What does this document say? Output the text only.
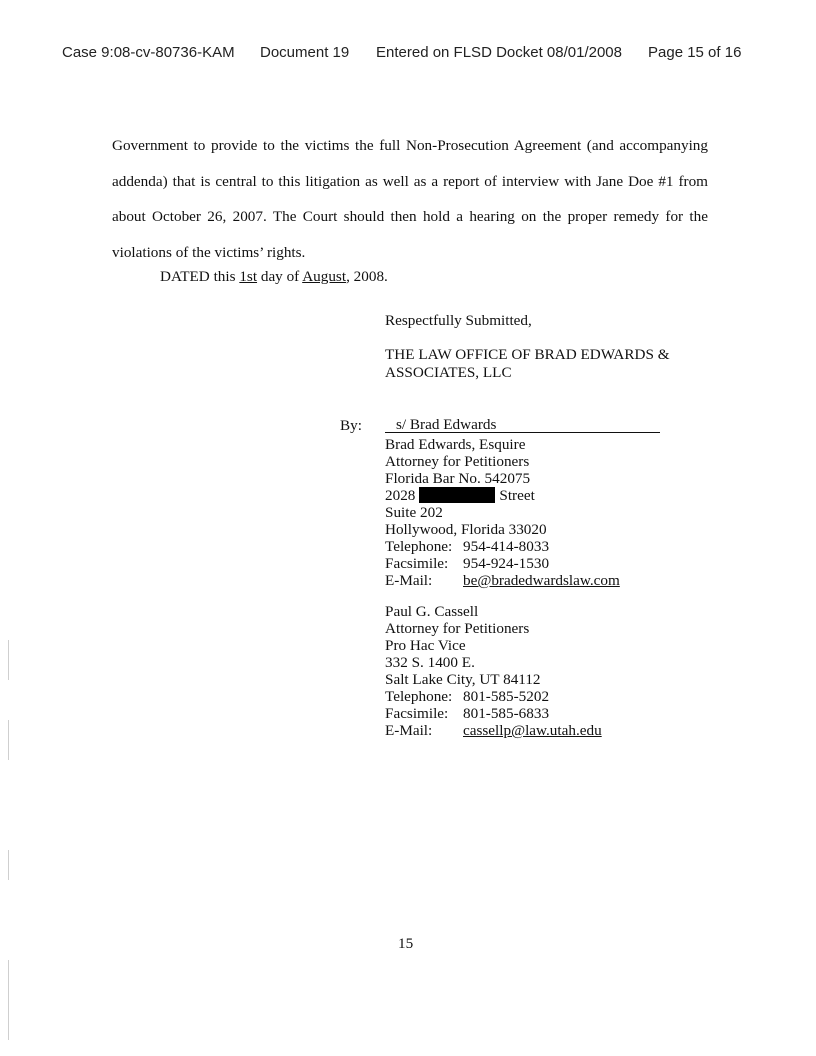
Case 9:08-cv-80736-KAM Document 19 Entered on FLSD Docket 08/01/2008 Page 15 of 16

Government to provide to the victims the full Non-Prosecution Agreement (and accompanying addenda) that is central to this litigation as well as a report of interview with Jane Doe #1 from about October 26, 2007. The Court should then hold a hearing on the proper remedy for the violations of the victims’ rights.

DATED this 1st day of August, 2008.
Respectfully Submitted,
THE LAW OFFICE OF BRAD EDWARDS &
ASSOCIATES, LLC
By: s/ Brad Edwards
Brad Edwards, Esquire
Attorney for Petitioners
Florida Bar No. 542075
2028	Street
Suite 202
Hollywood, Florida 33020
Telephone: 954-414-8033
Facsimile: 954-924-1530
E-Mail: be@bradedwardslaw.com
Paul G. Cassell
Attorney for Petitioners
Pro Hac Vice
332 S. 1400 E.
Salt Lake City, UT 84112
Telephone: 801-585-5202
Facsimile: 801-585-6833
E-Mail: cassellp@law.utah.edu
15
